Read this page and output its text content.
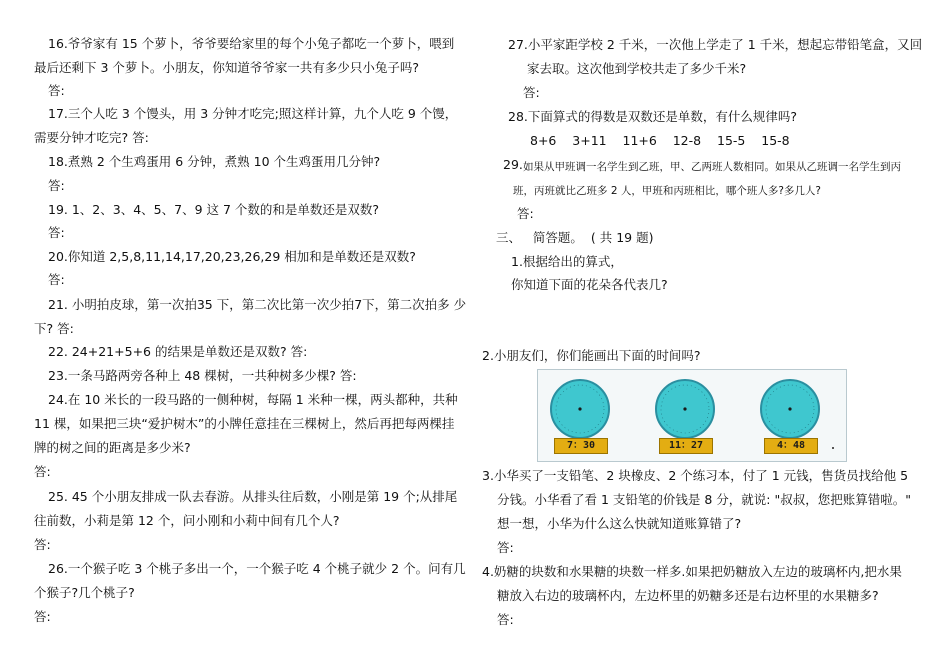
16.爷爷家有 15 个萝卜，爷爷要给家里的每个小兔子都吃一个萝卜，喂到
最后还剩下 3 个萝卜。小朋友，你知道爷爷家一共有多少只小兔子吗?
答:
17.三个人吃 3 个馒头，用 3 分钟才吃完;照这样计算，九个人吃 9 个馒，
需要分钟才吃完? 答:
18.煮熟 2 个生鸡蛋用 6 分钟，煮熟 10 个生鸡蛋用几分钟?
答:
19. 1、2、3、4、5、7、9 这 7 个数的和是单数还是双数?
答:
20.你知道 2,5,8,11,14,17,20,23,26,29 相加和是单数还是双数?
答:
21. 小明拍皮球，第一次拍35 下，第二次比第一次少拍7下，第二次拍多 少
下? 答:
22. 24+21+5+6 的结果是单数还是双数? 答:
23.一条马路两旁各种上 48 棵树，一共种树多少棵? 答:
24.在 10 米长的一段马路的一侧种树，每隔 1 米种一棵，两头都种，共种
11 棵，如果把三块“爱护树木”的小牌任意挂在三棵树上，然后再把每两棵挂
牌的树之间的距离是多少米?
答:
25. 45 个小朋友排成一队去春游。从排头往后数，小刚是第 19 个;从排尾
往前数，小莉是第 12 个，问小刚和小莉中间有几个人?
答:
26.一个猴子吃 3 个桃子多出一个，一个猴子吃 4 个桃子就少 2 个。问有几
个猴子?几个桃子?
答:
27.小平家距学校 2 千米，一次他上学走了 1 千米，想起忘带铅笔盒，又回
家去取。这次他到学校共走了多少千米?
答:
28.下面算式的得数是双数还是单数，有什么规律吗?
8+6    3+11    11+6    12-8    15-5    15-8
29. 如果从甲班调一名学生到乙班，甲、乙两班人数相同。如果从乙班调一名学生到丙
班，丙班就比乙班多 2 人，甲班和丙班相比，哪个班人多?多几人?
答:
三、   简答题。  ( 共 19 题)
1.根据给出的算式，
你知道下面的花朵各代表几?
2.小朋友们，你们能画出下面的时间吗?
7：30	11：27	4：48
3.小华买了一支铅笔、2 块橡皮、2 个练习本，付了 1 元钱，售货员找给他 5
分钱。小华看了看 1 支铅笔的价钱是 8 分，就说: "叔叔，您把账算错啦。"
想一想，小华为什么这么快就知道账算错了?
答:
4.奶糖的块数和水果糖的块数一样多.如果把奶糖放入左边的玻璃杯内,把水果
糖放入右边的玻璃杯内，左边杯里的奶糖多还是右边杯里的水果糖多?
答:
